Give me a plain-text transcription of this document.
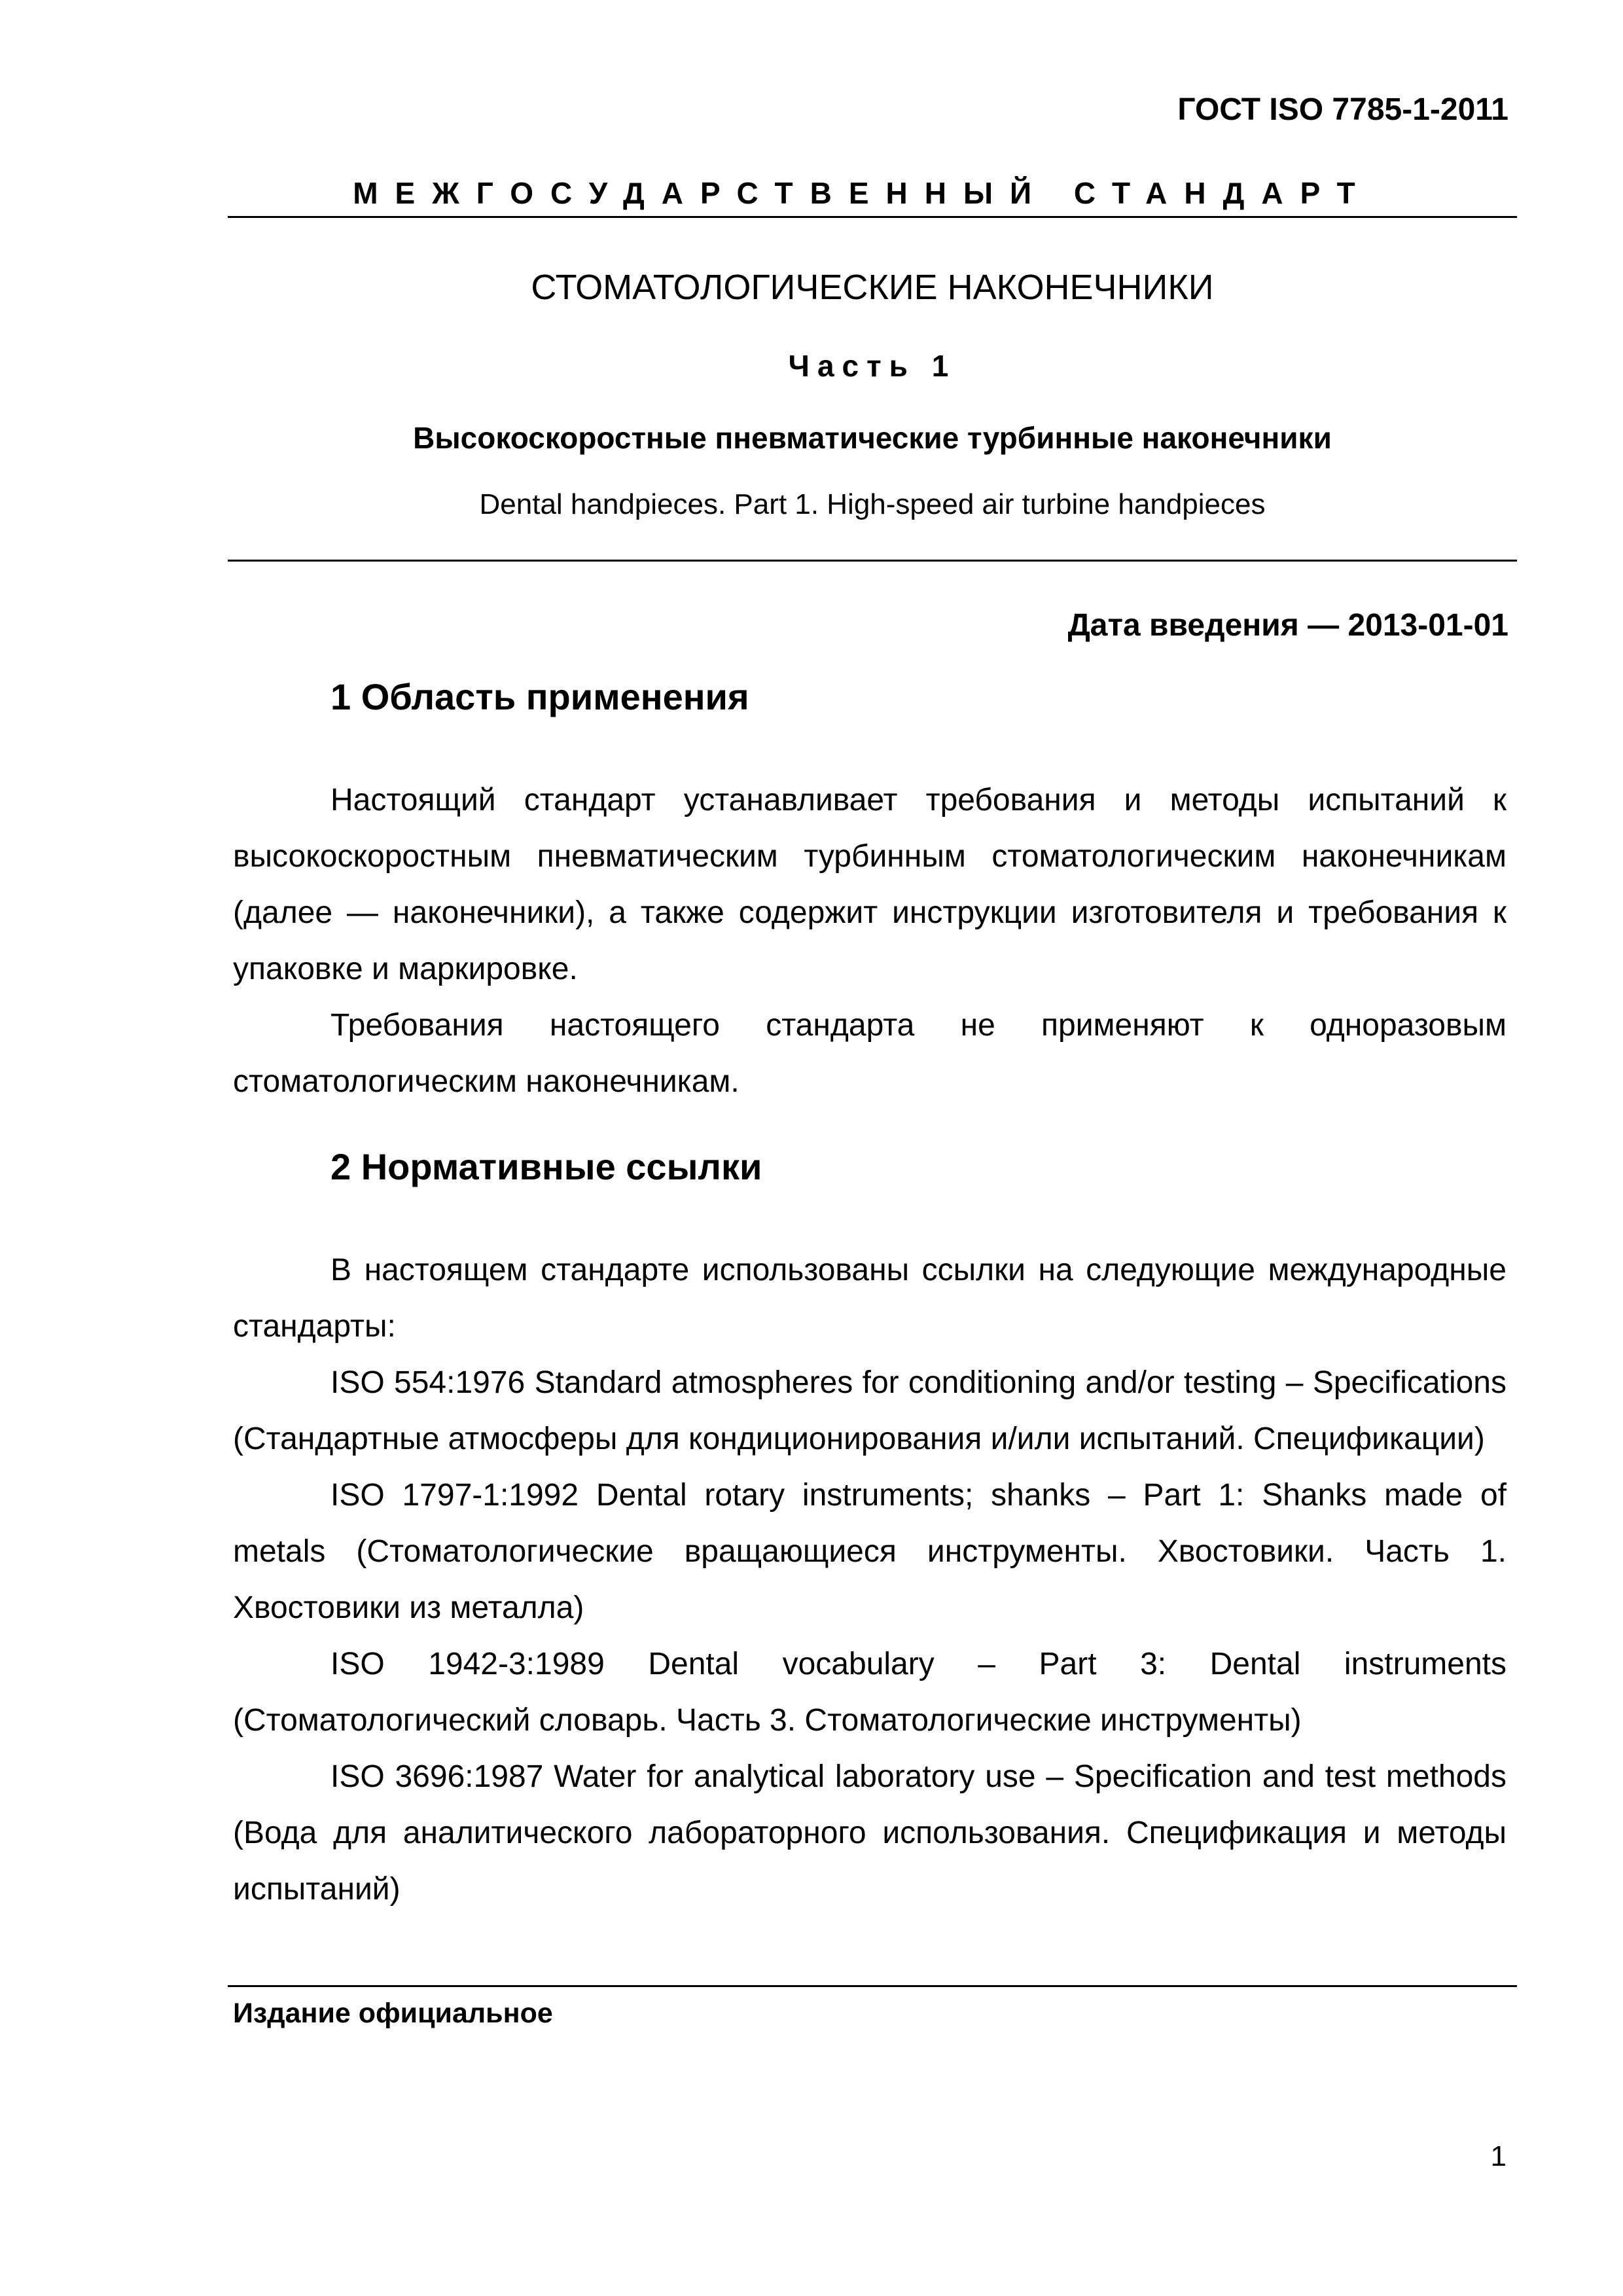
ГОСТ ISO 7785-1-2011
МЕЖГОСУДАРСТВЕННЫЙ СТАНДАРТ
СТОМАТОЛОГИЧЕСКИЕ НАКОНЕЧНИКИ
Часть 1
Высокоскоростные пневматические турбинные наконечники
Dental handpieces. Part 1. High-speed air turbine handpieces
Дата введения — 2013-01-01
1 Область применения

Настоящий стандарт устанавливает требования и методы испытаний к высокоскоростным пневматическим турбинным стоматологическим наконечникам (далее — наконечники), а также содержит инструкции изготовителя и требования к упаковке и маркировке.

Требования настоящего стандарта не применяют к одноразовым стоматологическим наконечникам.

2 Нормативные ссылки

В настоящем стандарте использованы ссылки на следующие международные стандарты:

ISO 554:1976 Standard atmospheres for conditioning and/or testing – Specifications (Стандартные атмосферы для кондиционирования и/или испытаний. Спецификации)

ISO 1797-1:1992 Dental rotary instruments; shanks – Part 1: Shanks made of metals (Стоматологические вращающиеся инструменты. Хвостовики. Часть 1. Хвостовики из металла)

ISO 1942-3:1989 Dental vocabulary – Part 3: Dental instruments (Стоматологический словарь. Часть 3. Стоматологические инструменты)

ISO 3696:1987 Water for analytical laboratory use – Specification and test methods (Вода для аналитического лабораторного использования. Спецификация и методы испытаний)

Издание официальное
1
